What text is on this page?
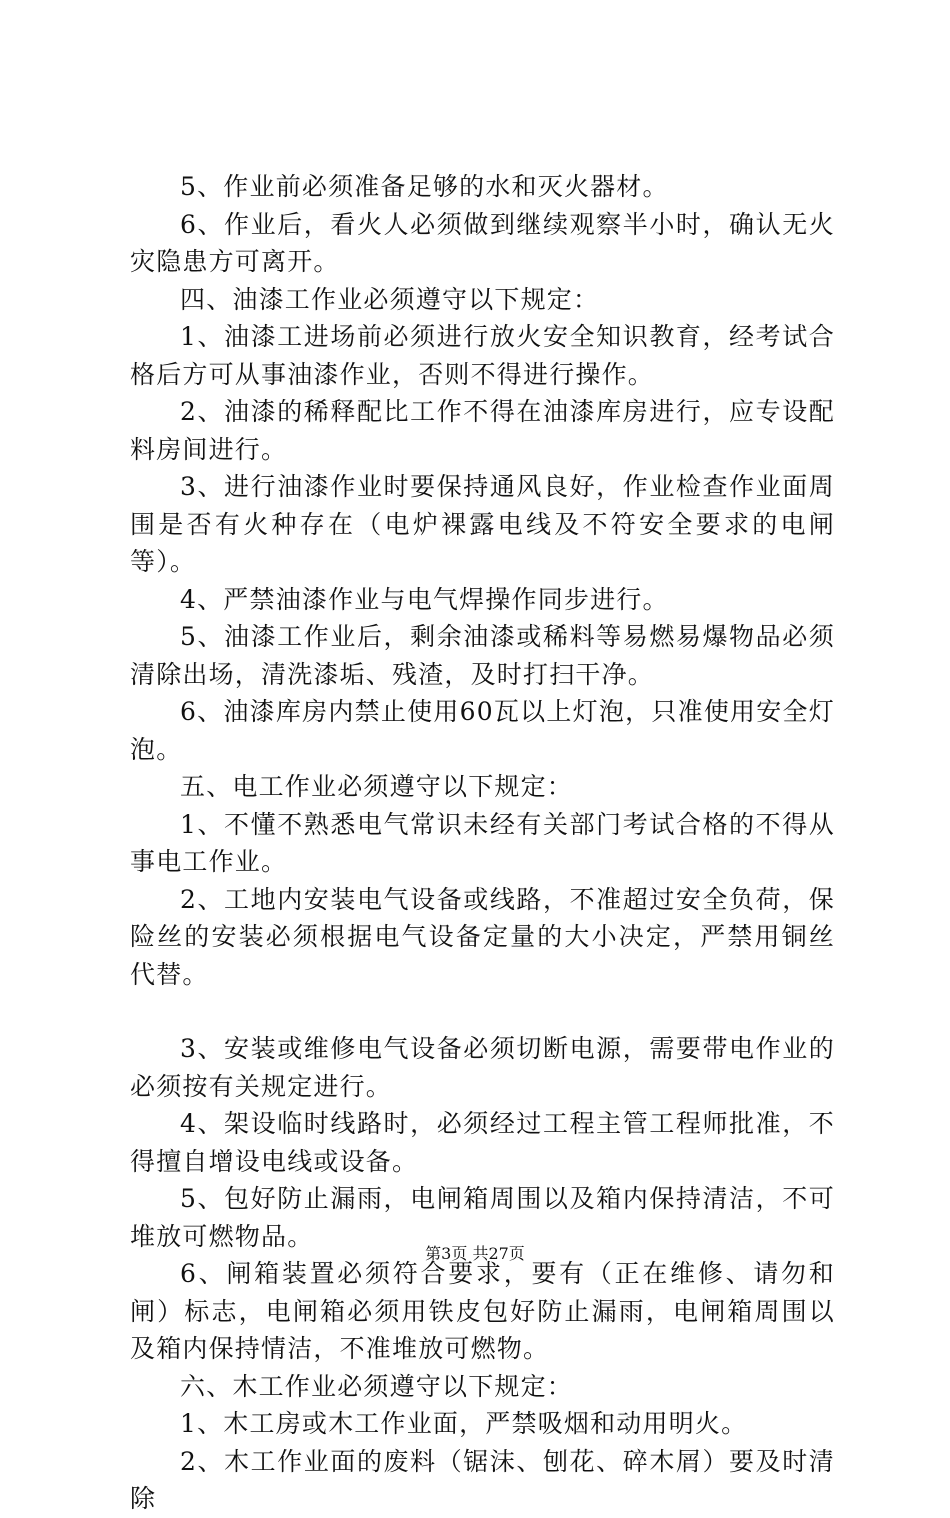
5、作业前必须准备足够的水和灭火器材。

6、作业后，看火人必须做到继续观察半小时，确认无火灾隐患方可离开。

四、油漆工作业必须遵守以下规定：

1、油漆工进场前必须进行放火安全知识教育，经考试合格后方可从事油漆作业，否则不得进行操作。

2、油漆的稀释配比工作不得在油漆库房进行，应专设配料房间进行。

3、进行油漆作业时要保持通风良好，作业检查作业面周围是否有火种存在（电炉裸露电线及不符安全要求的电闸等）。

4、严禁油漆作业与电气焊操作同步进行。

5、油漆工作业后，剩余油漆或稀料等易燃易爆物品必须清除出场，清洗漆垢、残渣，及时打扫干净。

6、油漆库房内禁止使用60瓦以上灯泡，只准使用安全灯泡。

五、电工作业必须遵守以下规定：

1、不懂不熟悉电气常识未经有关部门考试合格的不得从事电工作业。

2、工地内安装电气设备或线路，不准超过安全负荷，保险丝的安装必须根据电气设备定量的大小决定，严禁用铜丝代替。

3、安装或维修电气设备必须切断电源，需要带电作业的必须按有关规定进行。

4、架设临时线路时，必须经过工程主管工程师批准，不得擅自增设电线或设备。

5、包好防止漏雨，电闸箱周围以及箱内保持清洁，不可堆放可燃物品。

6、闸箱装置必须符合要求，要有（正在维修、请勿和闸）标志，电闸箱必须用铁皮包好防止漏雨，电闸箱周围以及箱内保持情洁，不准堆放可燃物。

六、木工作业必须遵守以下规定：

1、木工房或木工作业面，严禁吸烟和动用明火。

2、木工作业面的废料（锯沫、刨花、碎木屑）要及时清除

第3页 共27页
